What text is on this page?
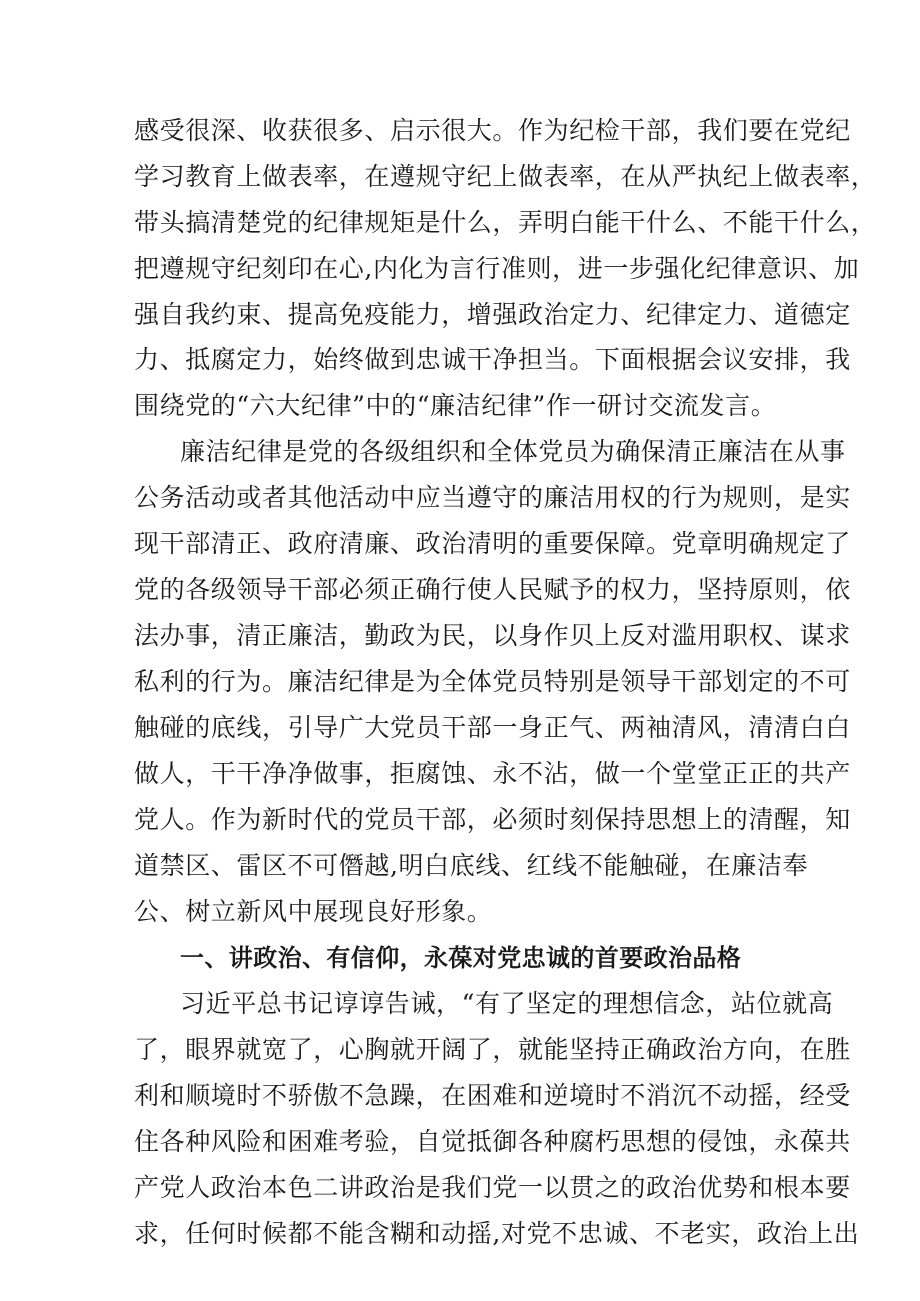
感受很深、收获很多、启示很大。作为纪检干部，我们要在党纪
学习教育上做表率，在遵规守纪上做表率，在从严执纪上做表率，
带头搞清楚党的纪律规矩是什么，弄明白能干什么、不能干什么，
把遵规守纪刻印在心,内化为言行准则，进一步强化纪律意识、加
强自我约束、提高免疫能力，增强政治定力、纪律定力、道德定
力、抵腐定力，始终做到忠诚干净担当。下面根据会议安排，我
围绕党的“六大纪律”中的“廉洁纪律”作一研讨交流发言。
廉洁纪律是党的各级组织和全体党员为确保清正廉洁在从事
公务活动或者其他活动中应当遵守的廉洁用权的行为规则，是实
现干部清正、政府清廉、政治清明的重要保障。党章明确规定了
党的各级领导干部必须正确行使人民赋予的权力，坚持原则，依
法办事，清正廉洁，勤政为民，以身作贝上反对滥用职权、谋求
私利的行为。廉洁纪律是为全体党员特别是领导干部划定的不可
触碰的底线，引导广大党员干部一身正气、两袖清风，清清白白
做人，干干净净做事，拒腐蚀、永不沾，做一个堂堂正正的共产
党人。作为新时代的党员干部，必须时刻保持思想上的清醒，知
道禁区、雷区不可僭越,明白底线、红线不能触碰，在廉洁奉
公、树立新风中展现良好形象。
一、讲政治、有信仰，永葆对党忠诚的首要政治品格
习近平总书记谆谆告诫，“有了坚定的理想信念，站位就高
了，眼界就宽了，心胸就开阔了，就能坚持正确政治方向，在胜
利和顺境时不骄傲不急躁，在困难和逆境时不消沉不动摇，经受
住各种风险和困难考验，自觉抵御各种腐朽思想的侵蚀，永葆共
产党人政治本色二讲政治是我们党一以贯之的政治优势和根本要
求，任何时候都不能含糊和动摇,对党不忠诚、不老实，政治上出
